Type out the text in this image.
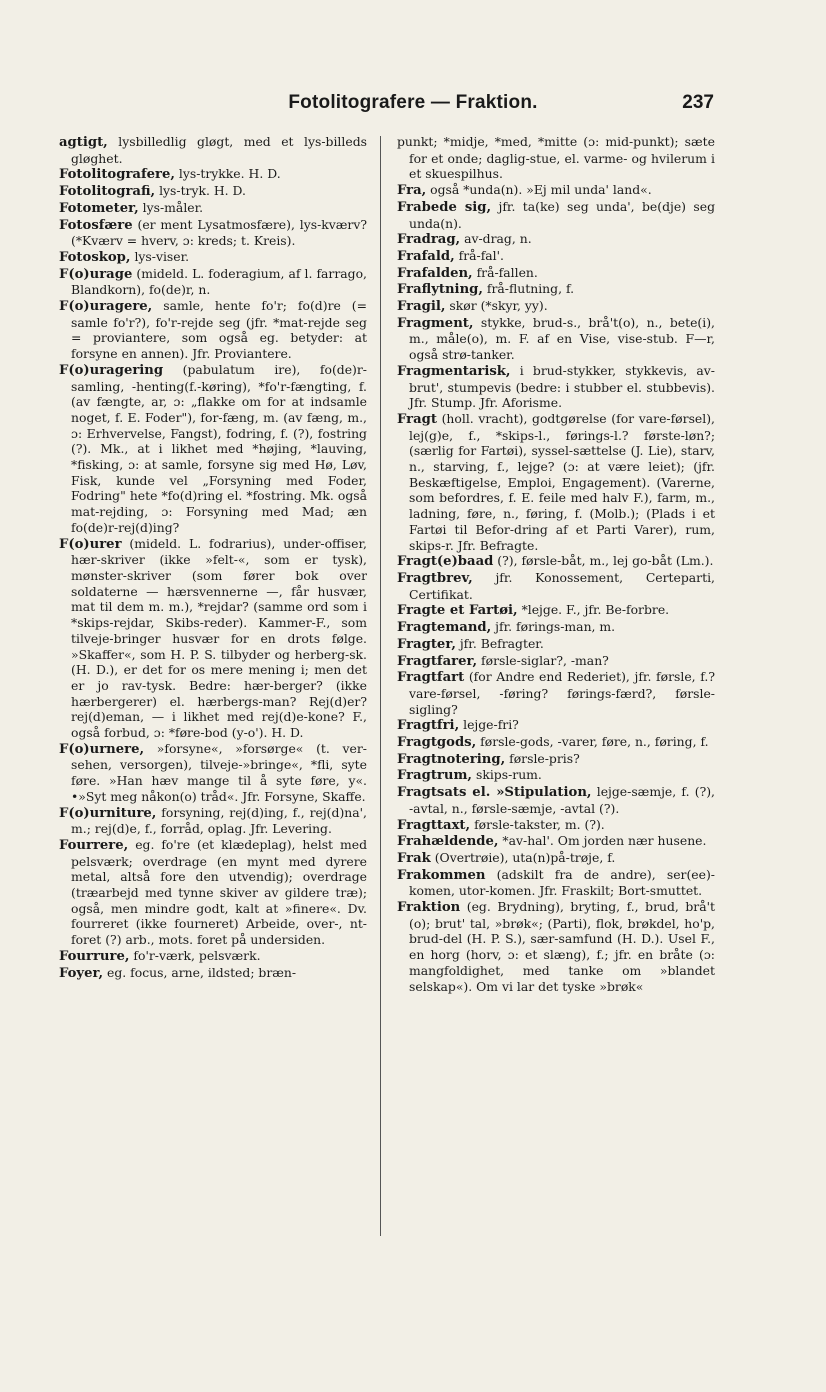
Fotolitografere — Fraktion.	237
agtigt, lysbilledlig gløgt, med et lys-billeds gløghet.
Fotolitografere, lys-trykke. H. D.
Fotolitografi, lys-tryk. H. D.
Fotometer, lys-måler.
Fotosfære (er ment Lysatmosfære), lys-kværv? (*Kværv = hverv, ɔ: kreds; t. Kreis).
Fotoskop, lys-viser.
F(o)urage (mideld. L. foderagium, af l. farrago, Blandkorn), fo(de)r, n.
F(o)uragere, samle, hente fo'r; fo(d)re (= samle fo'r?), fo'r-rejde seg (jfr. *mat-rejde seg = proviantere, som også eg. betyder: at forsyne en annen). Jfr. Proviantere.
F(o)uragering (pabulatum ire), fo(de)r-samling, -henting(f.-køring), *fo'r-fængting, f. (av fængte, ar, ɔ: „flakke om for at indsamle noget, f. E. Foder"), for-fæng, m. (av fæng, m., ɔ: Erhvervelse, Fangst), fodring, f. (?), fostring (?). Mk., at i likhet med *højing, *lauving, *fisking, ɔ: at samle, forsyne sig med Hø, Løv, Fisk, kunde vel „Forsyning med Foder, Fodring" hete *fo(d)ring el. *fostring. Mk. også mat-rejding, ɔ: Forsyning med Mad; æn fo(de)r-rej(d)ing?
F(o)urer (mideld. L. fodrarius), under-offiser, hær-skriver (ikke »felt-«, som er tysk), mønster-skriver (som fører bok over soldaterne — hærsvennerne —, får husvær, mat til dem m. m.), *rejdar? (samme ord som i *skips-rejdar, Skibs-reder). Kammer-F., som tilveje-bringer husvær for en drots følge. »Skaffer«, som H. P. S. tilbyder og herberg-sk. (H. D.), er det for os mere mening i; men det er jo rav-tysk. Bedre: hær-berger? (ikke hærbergerer) el. hærbergs-man? Rej(d)er? rej(d)eman, — i likhet med rej(d)e-kone? F., også forbud, ɔ: *føre-bod (y-o'). H. D.
F(o)urnere, »forsyne«, »forsørge« (t. ver-sehen, versorgen), tilveje-»bringe«, *fli, syte føre. »Han hæv mange til å syte føre, y«. •»Syt meg nåkon(o) tråd«. Jfr. Forsyne, Skaffe.
F(o)urniture, forsyning, rej(d)ing, f., rej(d)na', m.; rej(d)e, f., forråd, oplag. Jfr. Levering.
Fourrere, eg. fo're (et klædeplag), helst med pelsværk; overdrage (en mynt med dyrere metal, altså fore den utvendig); overdrage (træarbejd med tynne skiver av gildere træ); også, men mindre godt, kalt at »finere«. Dv. fourreret (ikke fourneret) Arbeide, over-, nt-foret (?) arb., mots. foret på undersiden.
Fourrure, fo'r-værk, pelsværk.
Foyer, eg. focus, arne, ildsted; bræn-
punkt; *midje, *med, *mitte (ɔ: mid-punkt); sæte for et onde; daglig-stue, el. varme- og hvilerum i et skuespilhus.
Fra, også *unda(n). »Ej mil unda' land«.
Frabede sig, jfr. ta(ke) seg unda', be(dje) seg unda(n).
Fradrag, av-drag, n.
Frafald, frå-fal'.
Frafalden, frå-fallen.
Fraflytning, frå-flutning, f.
Fragil, skør (*skyr, yy).
Fragment, stykke, brud-s., brå't(o), n., bete(i), m., måle(o), m. F. af en Vise, vise-stub. F—r, også strø-tanker.
Fragmentarisk, i brud-stykker, stykkevis, av-brut', stumpevis (bedre: i stubber el. stubbevis). Jfr. Stump. Jfr. Aforisme.
Fragt (holl. vracht), godtgørelse (for vare-førsel), lej(g)e, f., *skips-l., førings-l.? første-løn?; (særlig for Fartøi), syssel-sættelse (J. Lie), starv, n., starving, f., lejge? (ɔ: at være leiet); (jfr. Beskæftigelse, Emploi, Engagement). (Varerne, som befordres, f. E. feile med halv F.), farm, m., ladning, føre, n., føring, f. (Molb.); (Plads i et Fartøi til Befor-dring af et Parti Varer), rum, skips-r. Jfr. Befragte.
Fragt(e)baad (?), førsle-båt, m., lej go-båt (Lm.).
Fragtbrev, jfr. Konossement, Certeparti, Certifikat.
Fragte et Fartøi, *lejge. F., jfr. Be-forbre.
Fragtemand, jfr. førings-man, m.
Fragter, jfr. Befragter.
Fragtfarer, førsle-siglar?, -man?
Fragtfart (for Andre end Rederiet), jfr. førsle, f.? vare-førsel, -føring? førings-færd?, førsle-sigling?
Fragtfri, lejge-fri?
Fragtgods, førsle-gods, -varer, føre, n., føring, f.
Fragtnotering, førsle-pris?
Fragtrum, skips-rum.
Fragtsats el. »Stipulation, lejge-sæmje, f. (?), -avtal, n., førsle-sæmje, -avtal (?).
Fragttaxt, førsle-takster, m. (?).
Frahældende, *av-hal'. Om jorden nær husene.
Frak (Overtrøie), uta(n)på-trøje, f.
Frakommen (adskilt fra de andre), ser(ee)-komen, utor-komen. Jfr. Fraskilt; Bort-smuttet.
Fraktion (eg. Brydning), bryting, f., brud, brå't (o); brut' tal, »brøk«; (Parti), flok, brøkdel, ho'p, brud-del (H. P. S.), sær-samfund (H. D.). Usel F., en horg (horv, ɔ: et slæng), f.; jfr. en bråte (ɔ: mangfoldighet, med tanke om »blandet selskap«). Om vi lar det tyske »brøk«
